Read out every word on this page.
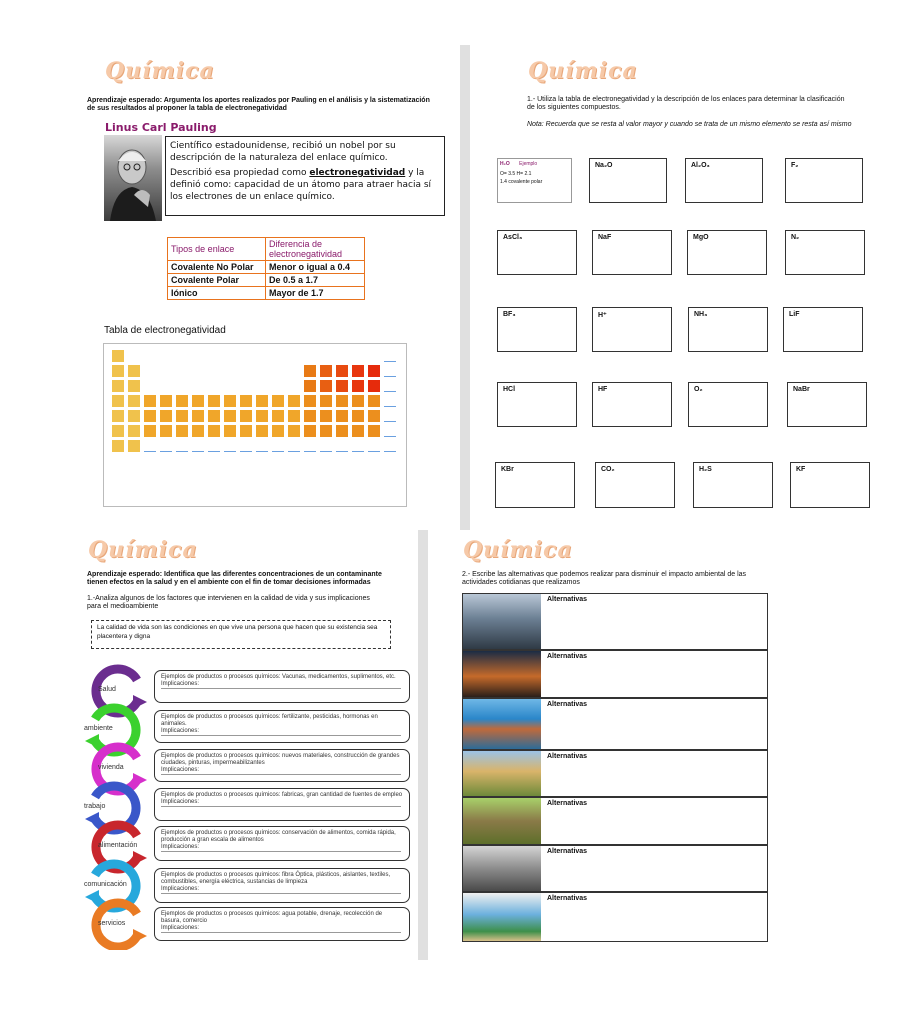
Química
Aprendizaje esperado: Argumenta los aportes realizados por Pauling en el análisis y la sistematización de sus resultados al proponer la tabla de electronegatividad
Linus Carl Pauling
Científico estadounidense, recibió un nobel por su descripción de la naturaleza del enlace químico.
Describió esa propiedad como electronegatividad y la definió como: capacidad de un átomo para atraer hacia sí los electrones de un enlace químico.
Tipos de enlace	Diferencia de electronegatividad
Covalente No Polar	Menor o igual a 0.4
Covalente Polar	De 0.5 a 1.7
Iónico	Mayor de 1.7
Tabla de electronegatividad
Química
1.- Utiliza la tabla de electronegatividad y la descripción de los enlaces para determinar la clasificación de los siguientes compuestos.
Nota: Recuerda que se resta al valor mayor y cuando se trata de un mismo elemento se resta así mismo
H₂O Ejemplo
O= 3.5 H= 2.1
1.4 covalente polar
Na₂O	Al₂O₃	F₂
AsCl₃	NaF	MgO	N₂
BF₃	H⁺	NH₃	LiF
HCl	HF	O₂	NaBr
KBr	CO₂	H₂S	KF
Química
Aprendizaje esperado: Identifica que las diferentes concentraciones de un contaminante tienen efectos en la salud y en el ambiente con el fin de tomar decisiones informadas
1.-Analiza algunos de los factores que intervienen en la calidad de vida y sus implicaciones para el medioambiente
La calidad de vida son las condiciones en que vive una persona que hacen que su existencia sea placentera y digna
Salud
Ejemplos de productos o procesos químicos: Vacunas, medicamentos, suplimentos, etc.
Implicaciones:
ambiente
Ejemplos de productos o procesos químicos: fertilizante, pesticidas, hormonas en animales.
Implicaciones:
vivienda
Ejemplos de productos o procesos químicos: nuevos materiales, construcción de grandes ciudades, pinturas, impermeabilizantes
Implicaciones:
trabajo
Ejemplos de productos o procesos químicos: fabricas, gran cantidad de fuentes de empleo
Implicaciones:
alimentación
Ejemplos de productos o procesos químicos: conservación de alimentos, comida rápida, producción a gran escala de alimentos
Implicaciones:
comunicación
Ejemplos de productos o procesos químicos: fibra Óptica, plásticos, aislantes, textiles, combustibles, energía eléctrica, sustancias de limpieza
Implicaciones:
servicios
Ejemplos de productos o procesos químicos: agua potable, drenaje, recolección de basura, comercio
Implicaciones:
Química
2.- Escribe las alternativas que podemos realizar para disminuir el impacto ambiental de las actividades cotidianas que realizamos
Alternativas
Alternativas
Alternativas
Alternativas
Alternativas
Alternativas
Alternativas
